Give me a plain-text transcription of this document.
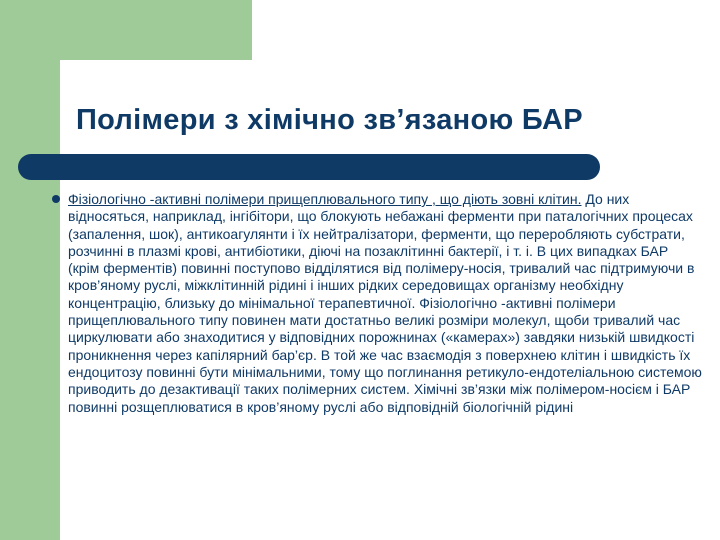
Полімери з хімічно зв’язаною БАР

Фізіологічно -активні полімери прищеплювального типу , що діють зовні клітин. До них відносяться, наприклад, інгібітори, що блокують небажані ферменти при паталогічних процесах (запалення, шок), антикоагулянти і їх нейтралізатори, ферменти, що переробляють субстрати, розчинні в плазмі крові, антибіотики, діючі на позаклітинні бактерії, і т. і. В цих випадках БАР (крім ферментів) повинні поступово відділятися від полімеру-носія, тривалий час підтримуючи в кров’яному руслі, міжклітинній рідині і інших рідких середовищах організму необхідну концентрацію, близьку до мінімальної терапевтичної. Фізіологічно -активні полімери прищеплювального типу повинен мати достатньо великі розміри молекул, щоби тривалий час циркулювати або знаходитися у відповідних порожнинах («камерах») завдяки низькій швидкості проникнення через капілярний бар’єр. В той же час взаємодія з поверхнею клітин і швидкість їх ендоцитозу повинні бути мінімальними, тому що поглинання ретикуло-ендотеліальною системою приводить до дезактивації таких полімерних систем. Хімічні зв’язки між полімером-носієм і БАР повинні розщеплюватися в кров’яному руслі або відповідній біологічній рідині
